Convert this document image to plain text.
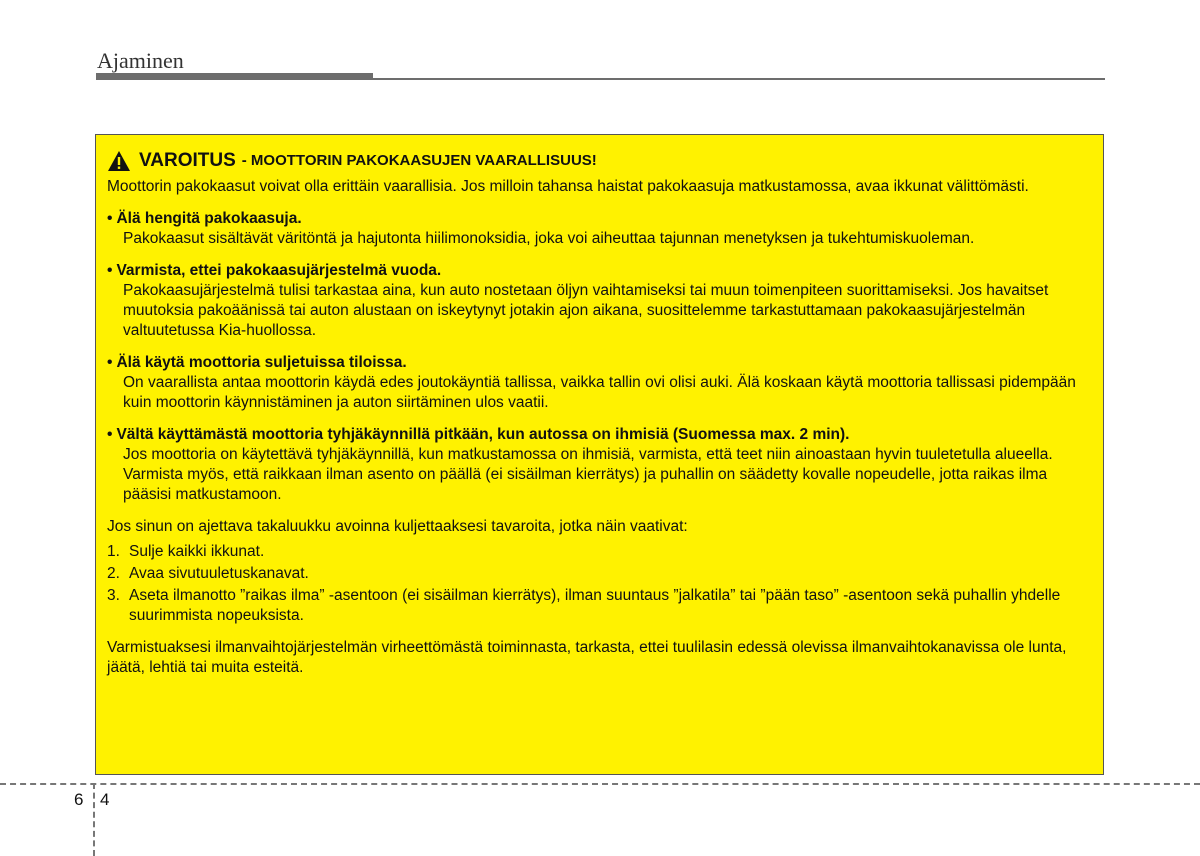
Ajaminen
VAROITUS - MOOTTORIN PAKOKAASUJEN VAARALLISUUS!

Moottorin pakokaasut voivat olla erittäin vaarallisia. Jos milloin tahansa haistat pakokaasuja matkustamossa, avaa ikkunat välittömästi.

• Älä hengitä pakokaasuja.

Pakokaasut sisältävät väritöntä ja hajutonta hiilimonoksidia, joka voi aiheuttaa tajunnan menetyksen ja tukehtumiskuoleman.

• Varmista, ettei pakokaasujärjestelmä vuoda.

Pakokaasujärjestelmä tulisi tarkastaa aina, kun auto nostetaan öljyn vaihtamiseksi tai muun toimenpiteen suorittamiseksi. Jos havaitset muutoksia pakoäänissä tai auton alustaan on iskeytynyt jotakin ajon aikana, suosittelemme tarkastuttamaan pakokaasujärjestelmän valtuutetussa Kia-huollossa.

• Älä käytä moottoria suljetuissa tiloissa.

On vaarallista antaa moottorin käydä edes joutokäyntiä tallissa, vaikka tallin ovi olisi auki. Älä koskaan käytä moottoria tallissasi pidempään kuin moottorin käynnistäminen ja auton siirtäminen ulos vaatii.

• Vältä käyttämästä moottoria tyhjäkäynnillä pitkään, kun autossa on ihmisiä (Suomessa max. 2 min).

Jos moottoria on käytettävä tyhjäkäynnillä, kun matkustamossa on ihmisiä, varmista, että teet niin ainoastaan hyvin tuuletetulla alueella. Varmista myös, että raikkaan ilman asento on päällä (ei sisäilman kierrätys) ja puhallin on säädetty kovalle nopeudelle, jotta raikas ilma pääsisi matkustamoon.

Jos sinun on ajettava takaluukku avoinna kuljettaaksesi tavaroita, jotka näin vaativat:

1. Sulje kaikki ikkunat.
2. Avaa sivutuuletuskanavat.
3. Aseta ilmanotto ”raikas ilma” -asentoon (ei sisäilman kierrätys), ilman suuntaus ”jalkatila” tai ”pään taso” -asentoon sekä puhallin yhdelle suurimmista nopeuksista.

Varmistuaksesi ilmanvaihtojärjestelmän virheettömästä toiminnasta, tarkasta, ettei tuulilasin edessä olevissa ilmanvaihtokanavissa ole lunta, jäätä, lehtiä tai muita esteitä.

6 4
